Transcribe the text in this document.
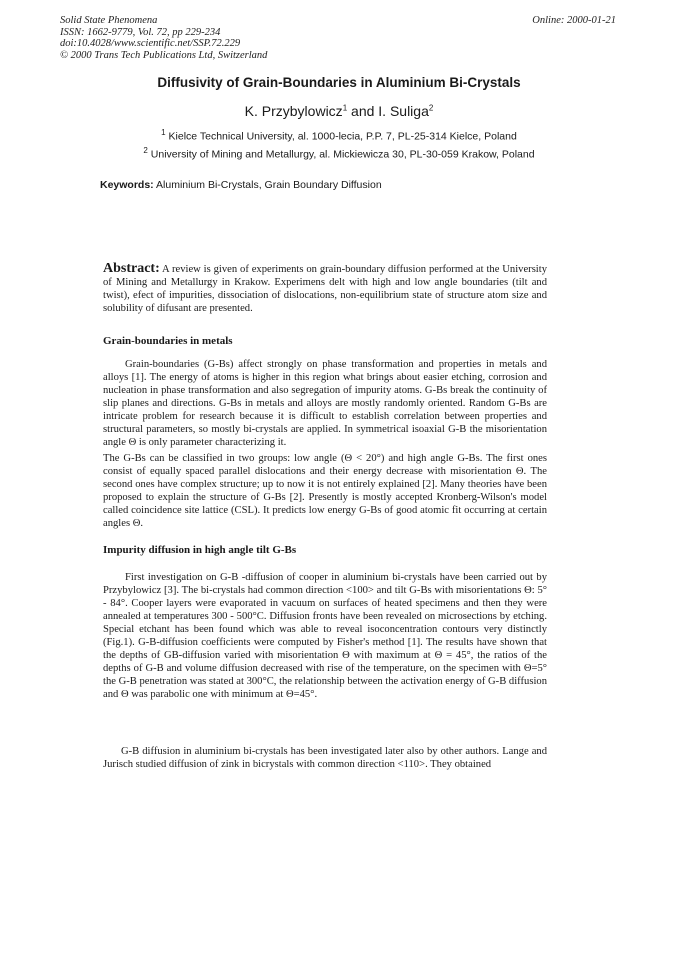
Solid State Phenomena
ISSN: 1662-9779, Vol. 72, pp 229-234
doi:10.4028/www.scientific.net/SSP.72.229
© 2000 Trans Tech Publications Ltd, Switzerland
Online: 2000-01-21
Diffusivity of Grain-Boundaries in Aluminium Bi-Crystals
K. Przybylowicz$^1$ and I. Suliga$^2$
$^1$ Kielce Technical University, al. 1000-lecia, P.P. 7, PL-25-314 Kielce, Poland
$^2$ University of Mining and Metallurgy, al. Mickiewicza 30, PL-30-059 Krakow, Poland
Keywords: Aluminium Bi-Crystals, Grain Boundary Diffusion
Abstract: A review is given of experiments on grain-boundary diffusion performed at the University of Mining and Metallurgy in Krakow. Experimens delt with high and low angle boundaries (tilt and twist), efect of impurities, dissociation of dislocations, non-equilibrium state of structure atom size and solubility of difusant are presented.
Grain-boundaries in metals
Grain-boundaries (G-Bs) affect strongly on phase transformation and properties in metals and alloys [1]. The energy of atoms is higher in this region what brings about easier etching, corrosion and nucleation in phase transformation and also segregation of impurity atoms. G-Bs break the continuity of slip planes and directions. G-Bs in metals and alloys are mostly randomly oriented. Random G-Bs are intricate problem for research because it is difficult to establish correlation between properties and structural parameters, so mostly bi-crystals are applied. In symmetrical isoaxial G-B the misorientation angle Θ is only parameter characterizing it.
The G-Bs can be classified in two groups: low angle (Θ < 20°) and high angle G-Bs. The first ones consist of equally spaced parallel dislocations and their energy decrease with misorientation Θ. The second ones have complex structure; up to now it is not entirely explained [2]. Many theories have been proposed to explain the structure of G-Bs [2]. Presently is mostly accepted Kronberg-Wilson's model called coincidence site lattice (CSL). It predicts low energy G-Bs of good atomic fit occurring at certain angles Θ.
Impurity diffusion in high angle tilt G-Bs
First investigation on G-B -diffusion of cooper in aluminium bi-crystals have been carried out by Przybylowicz [3]. The bi-crystals had common direction <100> and tilt G-Bs with misorientations Θ: 5° - 84°. Cooper layers were evaporated in vacuum on surfaces of heated specimens and then they were annealed at temperatures 300 - 500°C. Diffusion fronts have been revealed on microsections by etching. Special etchant has been found which was able to reveal isoconcentration contours very distinctly (Fig.1). G-B-diffusion coefficients were computed by Fisher's method [1]. The results have shown that the depths of GB-diffusion varied with misorientation Θ with maximum at Θ = 45°, the ratios of the depths of G-B and volume diffusion decreased with rise of the temperature, on the specimen with Θ=5° the G-B penetration was stated at 300°C, the relationship between the activation energy of G-B diffusion and Θ was parabolic one with minimum at Θ=45°.
G-B diffusion in aluminium bi-crystals has been investigated later also by other authors. Lange and Jurisch studied diffusion of zink in bicrystals with common direction <110>. They obtained
